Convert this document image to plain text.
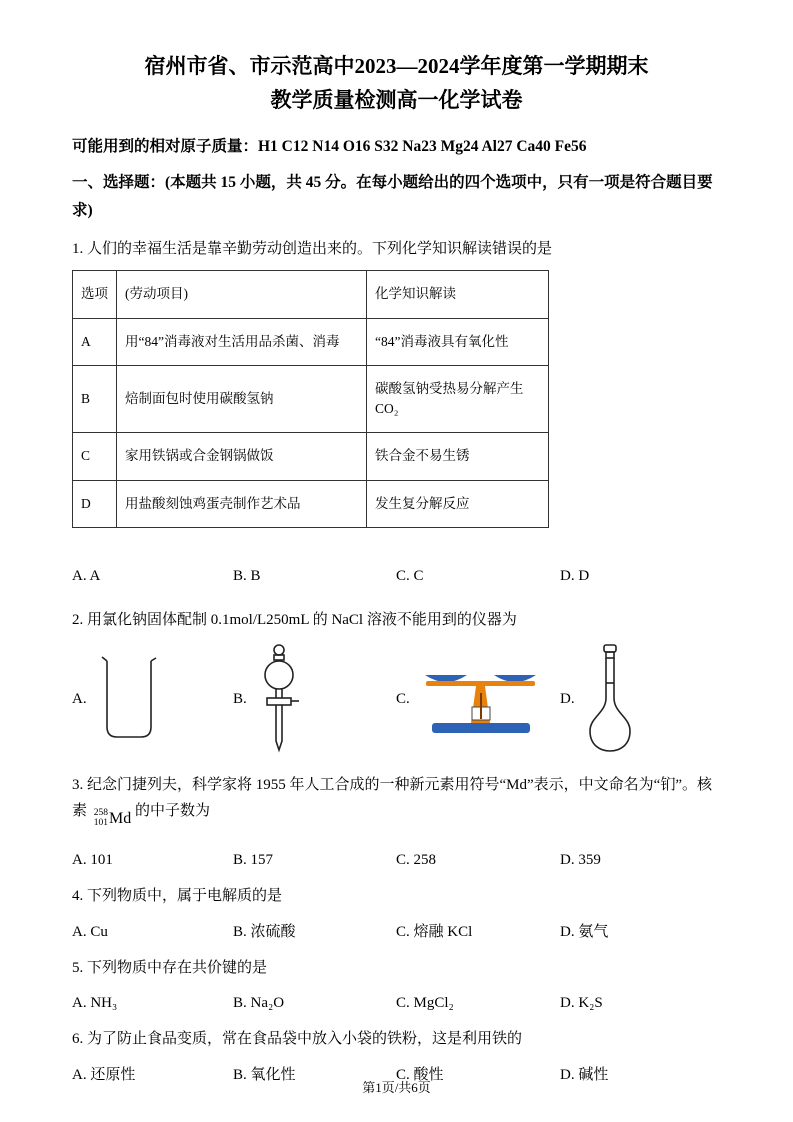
宿州市省、市示范高中2023—2024学年度第一学期期末
教学质量检测高一化学试卷

可能用到的相对原子质量：H1 C12 N14 O16 S32 Na23 Mg24 Al27 Ca40 Fe56

一、选择题：(本题共 15 小题，共 45 分。在每小题给出的四个选项中，只有一项是符合题目要求)

1. 人们的幸福生活是靠辛勤劳动创造出来的。下列化学知识解读错误的是

选项	(劳动项目)	化学知识解读
A	用“84”消毒液对生活用品杀菌、消毒	“84”消毒液具有氧化性
B	焙制面包时使用碳酸氢钠	碳酸氢钠受热易分解产生 CO₂
C	家用铁锅或合金钢锅做饭	铁合金不易生锈
D	用盐酸刻蚀鸡蛋壳制作艺术品	发生复分解反应
A. A	B. B	C. C	D. D

2. 用氯化钠固体配制 0.1mol/L250mL 的 NaCl 溶液不能用到的仪器为

A.	B.	C.	D.

3. 纪念门捷列夫，科学家将 1955 年人工合成的一种新元素用符号“Md”表示，中文命名为“钔”。核素 258
101 Md 的中子数为

A. 101	B. 157	C. 258	D. 359

4. 下列物质中，属于电解质的是

A. Cu	B. 浓硫酸	C. 熔融 KCl	D. 氨气

5. 下列物质中存在共价键的是

A. NH₃	B. Na₂O	C. MgCl₂	D. K₂S

6. 为了防止食品变质，常在食品袋中放入小袋的铁粉，这是利用铁的

A. 还原性	B. 氧化性	C. 酸性	D. 碱性
第1页/共6页
